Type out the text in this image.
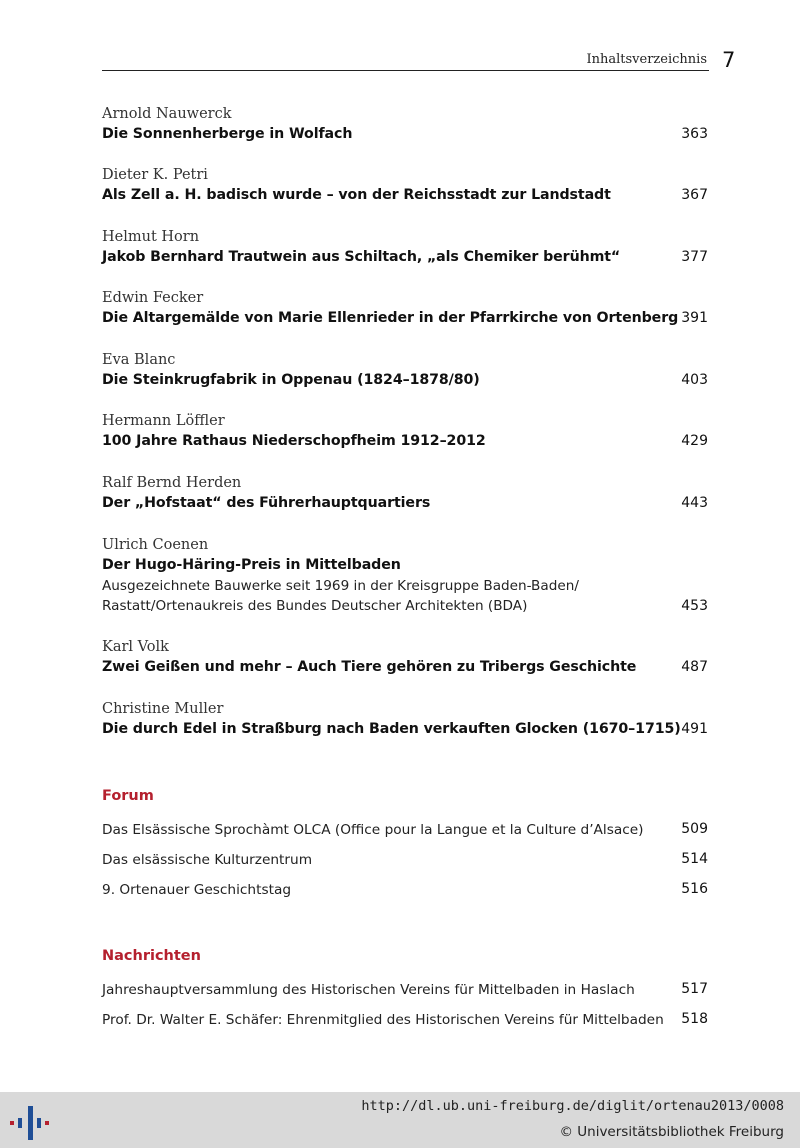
Inhaltsverzeichnis 7
Arnold Nauwerck
Die Sonnenherberge in Wolfach	363
Dieter K. Petri
Als Zell a. H. badisch wurde – von der Reichsstadt zur Landstadt	367
Helmut Horn
Jakob Bernhard Trautwein aus Schiltach, „als Chemiker berühmt“	377
Edwin Fecker
Die Altargemälde von Marie Ellenrieder in der Pfarrkirche von Ortenberg 391
Eva Blanc
Die Steinkrugfabrik in Oppenau (1824–1878/80)	403
Hermann Löffler
100 Jahre Rathaus Niederschopfheim 1912–2012	429
Ralf Bernd Herden
Der „Hofstaat“ des Führerhauptquartiers	443
Ulrich Coenen
Der Hugo-Häring-Preis in Mittelbaden
Ausgezeichnete Bauwerke seit 1969 in der Kreisgruppe Baden-Baden/
Rastatt/Ortenaukreis des Bundes Deutscher Architekten (BDA)	453
Karl Volk
Zwei Geißen und mehr – Auch Tiere gehören zu Tribergs Geschichte	487
Christine Muller
Die durch Edel in Straßburg nach Baden verkauften Glocken (1670–1715) 491
Forum
Das Elsässische Sprochàmt OLCA (Office pour la Langue et la Culture d’Alsace)	509
Das elsässische Kulturzentrum	514
9. Ortenauer Geschichtstag	516
Nachrichten
Jahreshauptversammlung des Historischen Vereins für Mittelbaden in Haslach	517
Prof. Dr. Walter E. Schäfer: Ehrenmitglied des Historischen Vereins für Mittelbaden 518
http://dl.ub.uni-freiburg.de/diglit/ortenau2013/0008
© Universitätsbibliothek Freiburg
